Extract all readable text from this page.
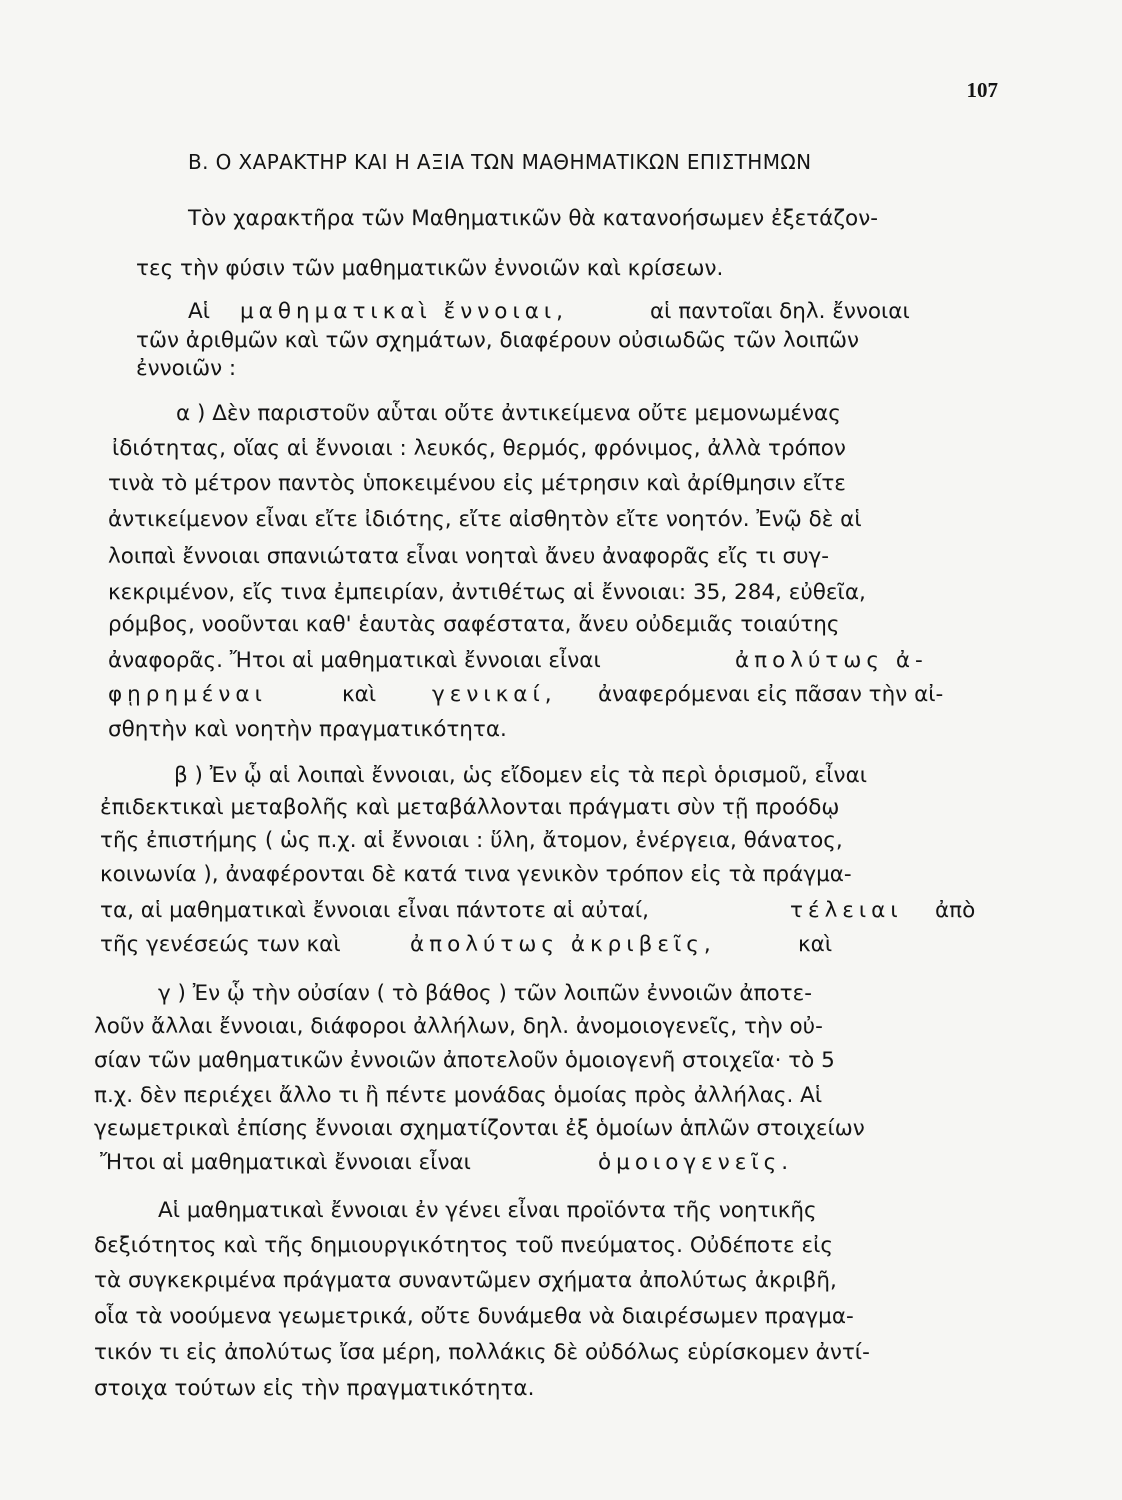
107
Β. Ο ΧΑΡΑΚΤΗΡ ΚΑΙ Η ΑΞΙΑ ΤΩΝ ΜΑΘΗΜΑΤΙΚΩΝ ΕΠΙΣΤΗΜΩΝ
Τὸν χαρακτῆρα τῶν Μαθηματικῶν θὰ κατανοήσωμεν ἐξετάζον-
τες τὴν φύσιν τῶν μαθηματικῶν ἐννοιῶν καὶ κρίσεων.
Αἱ μαθηματικαὶ ἔννοιαι,	αἱ παντοῖαι δηλ. ἔννοιαι
τῶν ἀριθμῶν καὶ τῶν σχημάτων, διαφέρουν οὐσιωδῶς τῶν λοιπῶν
ἐννοιῶν :
α ) Δὲν παριστοῦν αὗται οὔτε ἀντικείμενα οὔτε μεμονωμένας
ἰδιότητας, οἵας αἱ ἔννοιαι : λευκός, θερμός, φρόνιμος, ἀλλὰ τρόπον
τινὰ τὸ μέτρον παντὸς ὑποκειμένου εἰς μέτρησιν καὶ ἀρίθμησιν εἴτε
ἀντικείμενον εἶναι εἴτε ἰδιότης, εἴτε αἰσθητὸν εἴτε νοητόν. Ἐνῷ δὲ αἱ
λοιπαὶ ἔννοιαι σπανιώτατα εἶναι νοηταὶ ἄνευ ἀναφορᾶς εἴς τι συγ-
κεκριμένον, εἴς τινα ἐμπειρίαν, ἀντιθέτως αἱ ἔννοιαι: 35, 284, εὐθεῖα,
ρόμβος, νοοῦνται καθ' ἑαυτὰς σαφέστατα, ἄνευ οὐδεμιᾶς τοιαύτης
ἀναφορᾶς. Ἤτοι αἱ μαθηματικαὶ ἔννοιαι εἶναι	ἀπολύτως ἀ-
φῃρημέναι	καὶ	γενικαί, ἀναφερόμεναι εἰς πᾶσαν τὴν αἰ-
σθητὴν καὶ νοητὴν πραγματικότητα.
β ) Ἐν ᾧ αἱ λοιπαὶ ἔννοιαι, ὡς εἴδομεν εἰς τὰ περὶ ὁρισμοῦ, εἶναι
ἐπιδεκτικαὶ μεταβολῆς καὶ μεταβάλλονται πράγματι σὺν τῇ προόδῳ
τῆς ἐπιστήμης ( ὡς π.χ. αἱ ἔννοιαι : ὕλη, ἄτομον, ἐνέργεια, θάνατος,
κοινωνία ), ἀναφέρονται δὲ κατά τινα γενικὸν τρόπον εἰς τὰ πράγμα-
τα, αἱ μαθηματικαὶ ἔννοιαι εἶναι πάντοτε αἱ αὐταί,	τέλειαι ἀπὸ
τῆς γενέσεώς των καὶ	ἀπολύτως ἀκριβεῖς,	καὶ
γ ) Ἐν ᾧ τὴν οὐσίαν ( τὸ βάθος ) τῶν λοιπῶν ἐννοιῶν ἀποτε-
λοῦν ἄλλαι ἔννοιαι, διάφοροι ἀλλήλων, δηλ. ἀνομοιογενεῖς, τὴν οὐ-
σίαν τῶν μαθηματικῶν ἐννοιῶν ἀποτελοῦν ὁμοιογενῆ στοιχεῖα· τὸ 5
π.χ. δὲν περιέχει ἄλλο τι ἢ πέντε μονάδας ὁμοίας πρὸς ἀλλήλας. Αἱ
γεωμετρικαὶ ἐπίσης ἔννοιαι σχηματίζονται ἐξ ὁμοίων ἁπλῶν στοιχείων
Ἤτοι αἱ μαθηματικαὶ ἔννοιαι εἶναι	ὁμοιογενεῖς.
Αἱ μαθηματικαὶ ἔννοιαι ἐν γένει εἶναι προϊόντα τῆς νοητικῆς
δεξιότητος καὶ τῆς δημιουργικότητος τοῦ πνεύματος. Οὐδέποτε εἰς
τὰ συγκεκριμένα πράγματα συναντῶμεν σχήματα ἀπολύτως ἀκριβῆ,
οἷα τὰ νοούμενα γεωμετρικά, οὔτε δυνάμεθα νὰ διαιρέσωμεν πραγμα-
τικόν τι εἰς ἀπολύτως ἴσα μέρη, πολλάκις δὲ οὐδόλως εὑρίσκομεν ἀντί-
στοιχα τούτων εἰς τὴν πραγματικότητα.
